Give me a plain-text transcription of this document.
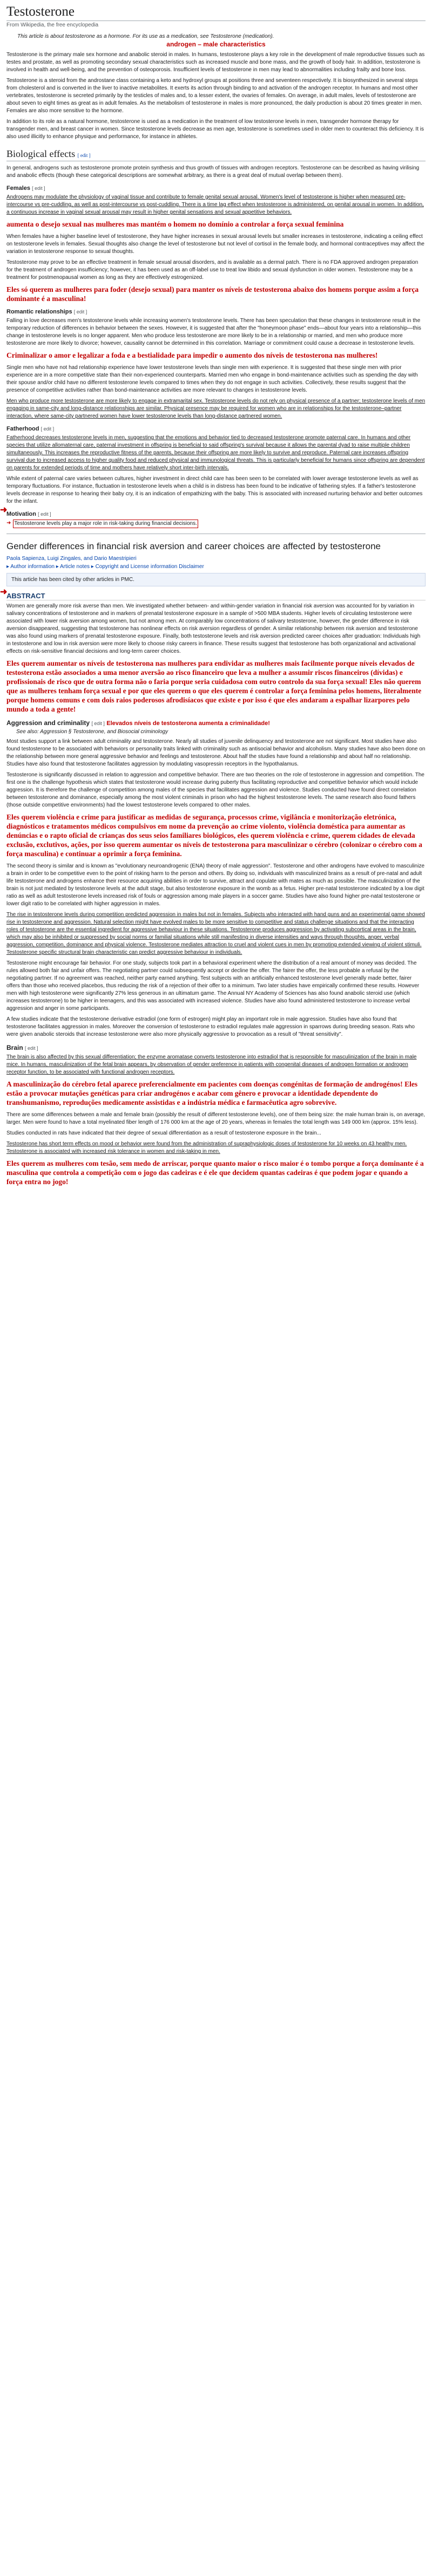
Testosterone
From Wikipedia, the free encyclopedia
This article is about testosterone as a hormone. For its use as a medication, see Testosterone (medication).
androgen – male characteristics

Testosterone is the primary male sex hormone and anabolic steroid in males. In humans, testosterone plays a key role in the development of male reproductive tissues such as testes and prostate, as well as promoting secondary sexual characteristics such as increased muscle and bone mass, and the growth of body hair. In addition, testosterone is involved in health and well-being, and the prevention of osteoporosis. Insufficient levels of testosterone in men may lead to abnormalities including frailty and bone loss.

Testosterone is a steroid from the androstane class containing a keto and hydroxyl groups at positions three and seventeen respectively. It is biosynthesized in several steps from cholesterol and is converted in the liver to inactive metabolites. It exerts its action through binding to and activation of the androgen receptor. In humans and most other vertebrates, testosterone is secreted primarily by the testicles of males and, to a lesser extent, the ovaries of females. On average, in adult males, levels of testosterone are about seven to eight times as great as in adult females. As the metabolism of testosterone in males is more pronounced, the daily production is about 20 times greater in men. Females are also more sensitive to the hormone.

In addition to its role as a natural hormone, testosterone is used as a medication in the treatment of low testosterone levels in men, transgender hormone therapy for transgender men, and breast cancer in women. Since testosterone levels decrease as men age, testosterone is sometimes used in older men to counteract this deficiency. It is also used illicitly to enhance physique and performance, for instance in athletes.

Biological effects [ edit ]

In general, androgens such as testosterone promote protein synthesis and thus growth of tissues with androgen receptors. Testosterone can be described as having virilising and anabolic effects (though these categorical descriptions are somewhat arbitrary, as there is a great deal of mutual overlap between them).

Females [ edit ]

Androgens may modulate the physiology of vaginal tissue and contribute to female genital sexual arousal. Women's level of testosterone is higher when measured pre-intercourse vs pre-cuddling, as well as post-intercourse vs post-cuddling. There is a time lag effect when testosterone is administered, on genital arousal in women. In addition, a continuous increase in vaginal sexual arousal may result in higher genital sensations and sexual appetitive behaviors.

aumenta o desejo sexual nas mulheres mas mantém o homem no domínio a controlar a força sexual feminina

When females have a higher baseline level of testosterone, they have higher increases in sexual arousal levels but smaller increases in testosterone, indicating a ceiling effect on testosterone levels in females. Sexual thoughts also change the level of testosterone but not level of cortisol in the female body, and hormonal contraceptives may affect the variation in testosterone response to sexual thoughts.

Testosterone may prove to be an effective treatment in female sexual arousal disorders, and is available as a dermal patch. There is no FDA approved androgen preparation for the treatment of androgen insufficiency; however, it has been used as an off-label use to treat low libido and sexual dysfunction in older women. Testosterone may be a treatment for postmenopausal women as long as they are effectively estrogenized.

Eles só querem as mulheres para foder (desejo sexual) para manter os níveis de testosterona abaixo dos homens porque assim a força dominante é a masculina!
Romantic relationships [ edit ]

Falling in love decreases men's testosterone levels while increasing women's testosterone levels. There has been speculation that these changes in testosterone result in the temporary reduction of differences in behavior between the sexes. However, it is suggested that after the "honeymoon phase" ends—about four years into a relationship—this change in testosterone levels is no longer apparent. Men who produce less testosterone are more likely to be in a relationship or married, and men who produce more testosterone are more likely to divorce; however, causality cannot be determined in this correlation. Marriage or commitment could cause a decrease in testosterone levels.

Criminalizar o amor e legalizar a foda e a bestialidade para impedir o aumento dos níveis de testosterona nas mulheres!

Single men who have not had relationship experience have lower testosterone levels than single men with experience. It is suggested that these single men with prior experience are in a more competitive state than their non-experienced counterparts. Married men who engage in bond-maintenance activities such as spending the day with their spouse and/or child have no different testosterone levels compared to times when they do not engage in such activities. Collectively, these results suggest that the presence of competitive activities rather than bond-maintenance activities are more relevant to changes in testosterone levels.

Men who produce more testosterone are more likely to engage in extramarital sex. Testosterone levels do not rely on physical presence of a partner; testosterone levels of men engaging in same-city and long-distance relationships are similar. Physical presence may be required for women who are in relationships for the testosterone–partner interaction, where same-city partnered women have lower testosterone levels than long-distance partnered women.

Fatherhood [ edit ]

Fatherhood decreases testosterone levels in men, suggesting that the emotions and behavior tied to decreased testosterone promote paternal care. In humans and other species that utilize allomaternal care, paternal investment in offspring is beneficial to said offspring's survival because it allows the parental dyad to raise multiple children simultaneously. This increases the reproductive fitness of the parents, because their offspring are more likely to survive and reproduce. Paternal care increases offspring survival due to increased access to higher quality food and reduced physical and immunological threats. This is particularly beneficial for humans since offspring are dependent on parents for extended periods of time and mothers have relatively short inter-birth intervals.

While extent of paternal care varies between cultures, higher investment in direct child care has been seen to be correlated with lower average testosterone levels as well as temporary fluctuations. For instance, fluctuation in testosterone levels when a child is in distress has been found to be indicative of fathering styles. If a father's testosterone levels decrease in response to hearing their baby cry, it is an indication of empathizing with the baby. This is associated with increased nurturing behavior and better outcomes for the infant.

Motivation [ edit ]
➜ Testosterone levels play a major role in risk-taking during financial decisions.
Gender differences in financial risk aversion and career choices are affected by testosterone
Paola Sapienza, Luigi Zingales, and Dario Maestripieri
▸ Author information ▸ Article notes ▸ Copyright and License information Disclaimer
This article has been cited by other articles in PMC.
ABSTRACT

Women are generally more risk averse than men. We investigated whether between- and within-gender variation in financial risk aversion was accounted for by variation in salivary concentrations of testosterone and in markers of prenatal testosterone exposure in a sample of >500 MBA students. Higher levels of circulating testosterone were associated with lower risk aversion among women, but not among men. At comparably low concentrations of salivary testosterone, however, the gender difference in risk aversion disappeared, suggesting that testosterone has nonlinear effects on risk aversion regardless of gender. A similar relationship between risk aversion and testosterone was also found using markers of prenatal testosterone exposure. Finally, both testosterone levels and risk aversion predicted career choices after graduation: Individuals high in testosterone and low in risk aversion were more likely to choose risky careers in finance. These results suggest that testosterone has both organizational and activational effects on risk-sensitive financial decisions and long-term career choices.

Eles querem aumentar os níveis de testosterona nas mulheres para endividar as mulheres mais facilmente porque níveis elevados de testosterona estão associados a uma menor aversão ao risco financeiro que leva a mulher a assumir riscos financeiros (dívidas) e profissionais de risco que de outra forma não o faria porque seria cuidadosa com outro controlo da sua força sexual! Eles não querem que as mulheres tenham força sexual e por que eles querem o que eles querem é controlar a força feminina pelos homens, literalmente porque homens comuns e com dois raios poderosos afrodisíacos que existe e por isso é que eles andaram a espalhar lizarpores pelo mundo a toda a gente!
Aggression and criminality [ edit ] Elevados níveis de testosterona aumenta a criminalidade!
See also: Aggression § Testosterone, and Biosocial criminology

Most studies support a link between adult criminality and testosterone. Nearly all studies of juvenile delinquency and testosterone are not significant. Most studies have also found testosterone to be associated with behaviors or personality traits linked with criminality such as antisocial behavior and alcoholism. Many studies have also been done on the relationship between more general aggressive behavior and feelings and testosterone. About half the studies have found a relationship and about half no relationship. Studies have also found that testosterone facilitates aggression by modulating vasopressin receptors in the hypothalamus.

Testosterone is significantly discussed in relation to aggression and competitive behavior. There are two theories on the role of testosterone in aggression and competition. The first one is the challenge hypothesis which states that testosterone would increase during puberty thus facilitating reproductive and competitive behavior which would include aggression. It is therefore the challenge of competition among males of the species that facilitates aggression and violence. Studies conducted have found direct correlation between testosterone and dominance, especially among the most violent criminals in prison who had the highest testosterone levels. The same research also found fathers (those outside competitive environments) had the lowest testosterone levels compared to other males.

Eles querem violência e crime para justificar as medidas de segurança, processos crime, vigilância e monitorização eletrónica, diagnósticos e tratamentos médicos compulsivos em nome da prevenção ao crime violento, violência doméstica para aumentar as denúncias e o rapto oficial de crianças dos seus seios familiares biológicos, eles querem violência e crime, querem cidades de elevada exclusão, exclutivos, ações, por isso querem aumentar os níveis de testosterona para masculinizar o cérebro (colonizar o cérebro com a força masculina) e continuar a oprimir a força feminina.

The second theory is similar and is known as "evolutionary neuroandrogenic (ENA) theory of male aggression". Testosterone and other androgens have evolved to masculinize a brain in order to be competitive even to the point of risking harm to the person and others. By doing so, individuals with masculinized brains as a result of pre-natal and adult life testosterone and androgens enhance their resource acquiring abilities in order to survive, attract and copulate with mates as much as possible. The masculinization of the brain is not just mediated by testosterone levels at the adult stage, but also testosterone exposure in the womb as a fetus. Higher pre-natal testosterone indicated by a low digit ratio as well as adult testosterone levels increased risk of fouls or aggression among male players in a soccer game. Studies have also found higher pre-natal testosterone or lower digit ratio to be correlated with higher aggression in males.

The rise in testosterone levels during competition predicted aggression in males but not in females. Subjects who interacted with hand guns and an experimental game showed rise in testosterone and aggression. Natural selection might have evolved males to be more sensitive to competitive and status challenge situations and that the interacting roles of testosterone are the essential ingredient for aggressive behaviour in these situations. Testosterone produces aggression by activating subcortical areas in the brain, which may also be inhibited or suppressed by social norms or familial situations while still manifesting in diverse intensities and ways through thoughts, anger, verbal aggression, competition, dominance and physical violence. Testosterone mediates attraction to cruel and violent cues in men by promoting extended viewing of violent stimuli. Testosterone specific structural brain characteristic can predict aggressive behaviour in individuals.

Testosterone might encourage fair behavior. For one study, subjects took part in a behavioral experiment where the distribution of a real amount of money was decided. The rules allowed both fair and unfair offers. The negotiating partner could subsequently accept or decline the offer. The fairer the offer, the less probable a refusal by the negotiating partner. If no agreement was reached, neither party earned anything. Test subjects with an artificially enhanced testosterone level generally made better, fairer offers than those who received placebos, thus reducing the risk of a rejection of their offer to a minimum. Two later studies have empirically confirmed these results. However men with high testosterone were significantly 27% less generous in an ultimatum game. The Annual NY Academy of Sciences has also found anabolic steroid use (which increases testosterone) to be higher in teenagers, and this was associated with increased violence. Studies have also found administered testosterone to increase verbal aggression and anger in some participants.

A few studies indicate that the testosterone derivative estradiol (one form of estrogen) might play an important role in male aggression. Studies have also found that testosterone facilitates aggression in males. Moreover the conversion of testosterone to estradiol regulates male aggression in sparrows during breeding season. Rats who were given anabolic steroids that increase testosterone were also more physically aggressive to provocation as a result of "threat sensitivity".

Brain [ edit ]

The brain is also affected by this sexual differentiation; the enzyme aromatase converts testosterone into estradiol that is responsible for masculinization of the brain in male mice. In humans, masculinization of the fetal brain appears, by observation of gender preference in patients with congenital diseases of androgen formation or androgen receptor function, to be associated with functional androgen receptors.

A masculinização do cérebro fetal aparece preferencialmente em pacientes com doenças congénitas de formação de androgénos! Eles estão a provocar mutações genéticas para criar androgénos e acabar com gênero e provocar a identidade dependente do transhumanismo, reproduções medicamente assistidas e a indústria médica e farmacêutica agro sobrevive.

There are some differences between a male and female brain (possibly the result of different testosterone levels), one of them being size: the male human brain is, on average, larger. Men were found to have a total myelinated fiber length of 176 000 km at the age of 20 years, whereas in females the total length was 149 000 km (approx. 15% less).

Studies conducted in rats have indicated that their degree of sexual differentiation as a result of testosterone exposure in the brain...

Testosterone has short term effects on mood or behavior were found from the administration of supraphysiologic doses of testosterone for 10 weeks on 43 healthy men. Testosterone is associated with increased risk tolerance in women and risk-taking in men.

Eles querem as mulheres com tesão, sem medo de arriscar, porque quanto maior o risco maior é o tombo porque a força dominante é a masculina que controla a competição com o jogo das cadeiras e é ele que decidem quantas cadeiras é que podem jogar e quando a força entra no jogo!
➜
➜
